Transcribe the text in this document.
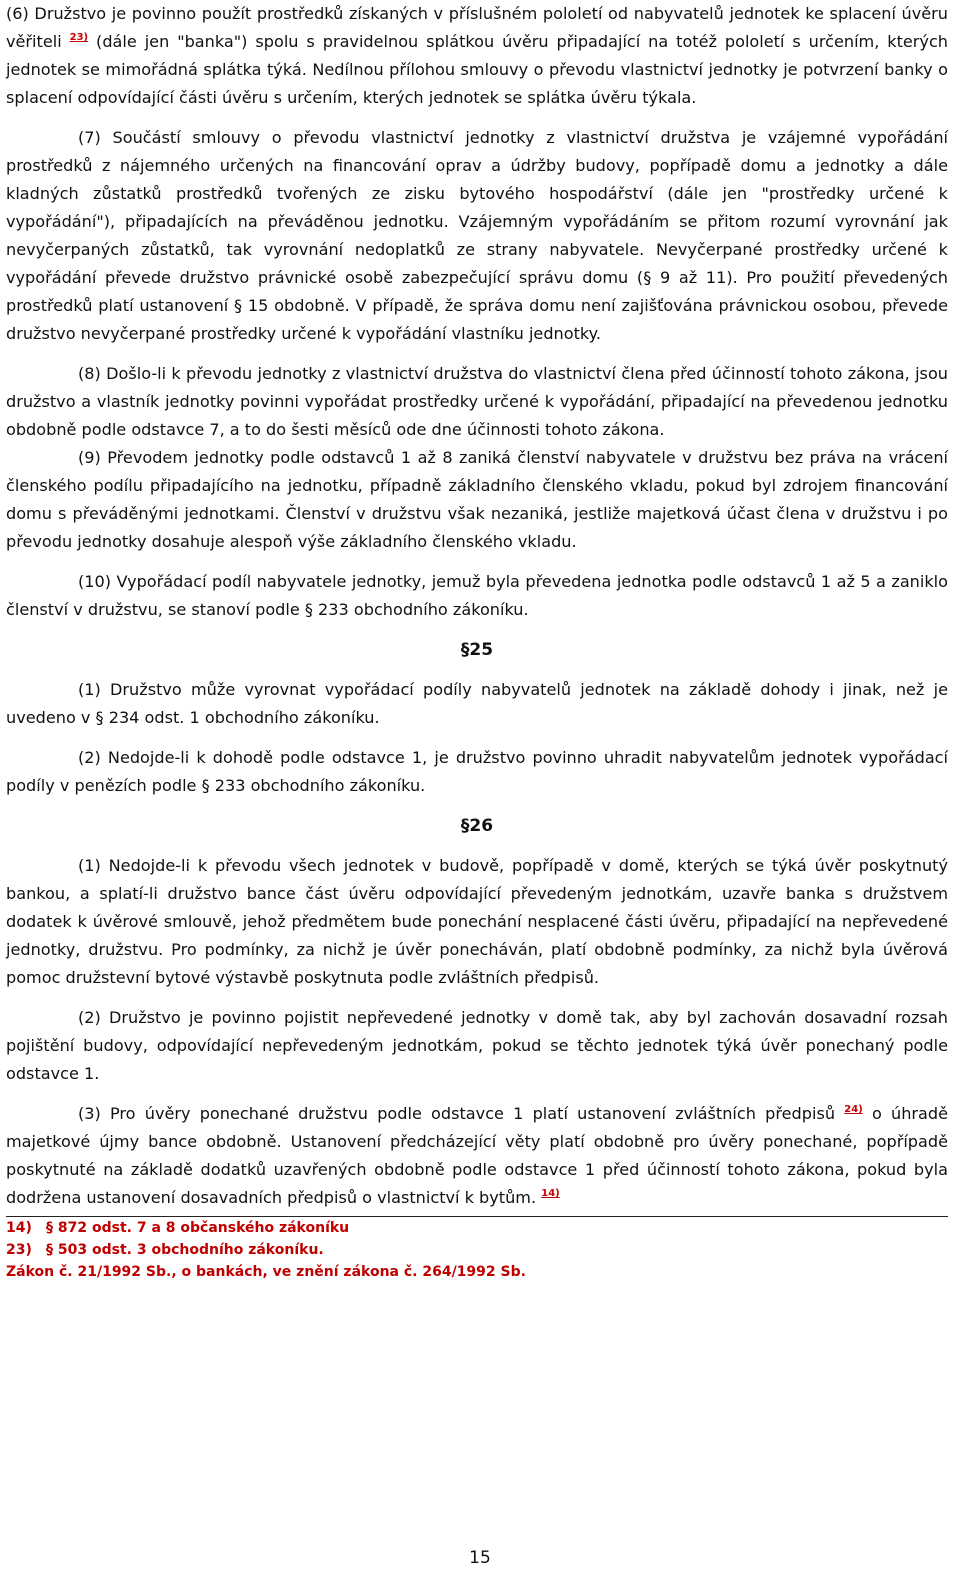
(6) Družstvo je povinno použít prostředků získaných v příslušném pololetí od nabyvatelů jednotek ke splacení úvěru věřiteli $^{23)}$ (dále jen "banka") spolu s pravidelnou splátkou úvěru připadající na totéž pololetí s určením, kterých jednotek se mimořádná splátka týká. Nedílnou přílohou smlouvy o převodu vlastnictví jednotky je potvrzení banky o splacení odpovídající části úvěru s určením, kterých jednotek se splátka úvěru týkala.

(7) Součástí smlouvy o převodu vlastnictví jednotky z vlastnictví družstva je vzájemné vypořádání prostředků z nájemného určených na financování oprav a údržby budovy, popřípadě domu a jednotky a dále kladných zůstatků prostředků tvořených ze zisku bytového hospodářství (dále jen "prostředky určené k vypořádání"), připadajících na převáděnou jednotku. Vzájemným vypořádáním se přitom rozumí vyrovnání jak nevyčerpaných zůstatků, tak vyrovnání nedoplatků ze strany nabyvatele. Nevyčerpané prostředky určené k vypořádání převede družstvo právnické osobě zabezpečující správu domu (§ 9 až 11). Pro použití převedených prostředků platí ustanovení § 15 obdobně. V případě, že správa domu není zajišťována právnickou osobou, převede družstvo nevyčerpané prostředky určené k vypořádání vlastníku jednotky.

(8) Došlo-li k převodu jednotky z vlastnictví družstva do vlastnictví člena před účinností tohoto zákona, jsou družstvo a vlastník jednotky povinni vypořádat prostředky určené k vypořádání, připadající na převedenou jednotku obdobně podle odstavce 7, a to do šesti měsíců ode dne účinnosti tohoto zákona.

(9) Převodem jednotky podle odstavců 1 až 8 zaniká členství nabyvatele v družstvu bez práva na vrácení členského podílu připadajícího na jednotku, případně základního členského vkladu, pokud byl zdrojem financování domu s převáděnými jednotkami. Členství v družstvu však nezaniká, jestliže majetková účast člena v družstvu i po převodu jednotky dosahuje alespoň výše základního členského vkladu.

(10) Vypořádací podíl nabyvatele jednotky, jemuž byla převedena jednotka podle odstavců 1 až 5 a zaniklo členství v družstvu, se stanoví podle § 233 obchodního zákoníku.

§25

(1) Družstvo může vyrovnat vypořádací podíly nabyvatelů jednotek na základě dohody i jinak, než je uvedeno v § 234 odst. 1 obchodního zákoníku.

(2) Nedojde-li k dohodě podle odstavce 1, je družstvo povinno uhradit nabyvatelům jednotek vypořádací podíly v penězích podle § 233 obchodního zákoníku.

§26

(1) Nedojde-li k převodu všech jednotek v budově, popřípadě v domě, kterých se týká úvěr poskytnutý bankou, a splatí-li družstvo bance část úvěru odpovídající převedeným jednotkám, uzavře banka s družstvem dodatek k úvěrové smlouvě, jehož předmětem bude ponechání nesplacené části úvěru, připadající na nepřevedené jednotky, družstvu. Pro podmínky, za nichž je úvěr ponecháván, platí obdobně podmínky, za nichž byla úvěrová pomoc družstevní bytové výstavbě poskytnuta podle zvláštních předpisů.

(2) Družstvo je povinno pojistit nepřevedené jednotky v domě tak, aby byl zachován dosavadní rozsah pojištění budovy, odpovídající nepřevedeným jednotkám, pokud se těchto jednotek týká úvěr ponechaný podle odstavce 1.

(3) Pro úvěry ponechané družstvu podle odstavce 1 platí ustanovení zvláštních předpisů $^{24)}$ o úhradě majetkové újmy bance obdobně. Ustanovení předcházející věty platí obdobně pro úvěry ponechané, popřípadě poskytnuté na základě dodatků uzavřených obdobně podle odstavce 1 před účinností tohoto zákona, pokud byla dodržena ustanovení dosavadních předpisů o vlastnictví k bytům. $^{14)}$

14) § 872 odst. 7 a 8 občanského zákoníku

23) § 503 odst. 3 obchodního zákoníku.

Zákon č. 21/1992 Sb., o bankách, ve znění zákona č. 264/1992 Sb.

15
